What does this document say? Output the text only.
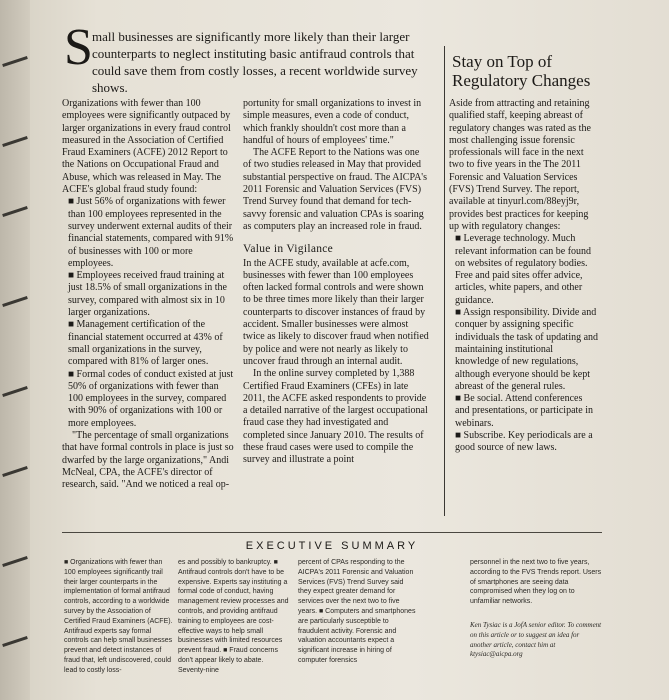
S mall businesses are significantly more likely than their larger counterparts to neglect instituting basic antifraud controls that could save them from costly losses, a recent worldwide survey shows.

Organizations with fewer than 100 employees were significantly outpaced by larger organizations in every fraud control measured in the Association of Certified Fraud Examiners (ACFE) 2012 Report to the Nations on Occupational Fraud and Abuse, which was released in May. The ACFE's global fraud study found:

■ Just 56% of organizations with fewer than 100 employees represented in the survey underwent external audits of their financial statements, compared with 91% of businesses with 100 or more employees.

■ Employees received fraud training at just 18.5% of small organizations in the survey, compared with almost six in 10 larger organizations.

■ Management certification of the financial statement occurred at 43% of small organizations in the survey, compared with 81% of larger ones.

■ Formal codes of conduct existed at just 50% of organizations with fewer than 100 employees in the survey, compared with 90% of organizations with 100 or more employees.

"The percentage of small organizations that have formal controls in place is just so dwarfed by the large organizations," Andi McNeal, CPA, the ACFE's director of research, said. "And we noticed a real op-

portunity for small organizations to invest in simple measures, even a code of conduct, which frankly shouldn't cost more than a handful of hours of employees' time."

The ACFE Report to the Nations was one of two studies released in May that provided substantial perspective on fraud. The AICPA's 2011 Forensic and Valuation Services (FVS) Trend Survey found that demand for tech-savvy forensic and valuation CPAs is soaring as computers play an increased role in fraud.

Value in Vigilance

In the ACFE study, available at acfe.com, businesses with fewer than 100 employees often lacked formal controls and were shown to be three times more likely than their larger counterparts to discover instances of fraud by accident. Smaller businesses were almost twice as likely to discover fraud when notified by police and were not nearly as likely to uncover fraud through an internal audit.

In the online survey completed by 1,388 Certified Fraud Examiners (CFEs) in late 2011, the ACFE asked respondents to provide a detailed narrative of the largest occupational fraud case they had investigated and completed since January 2010. The results of these fraud cases were used to compile the survey and illustrate a point

Stay on Top of Regulatory Changes

Aside from attracting and retaining qualified staff, keeping abreast of regulatory changes was rated as the most challenging issue forensic professionals will face in the next two to five years in the The 2011 Forensic and Valuation Services (FVS) Trend Survey. The report, available at tinyurl.com/88eyj9r, provides best practices for keeping up with regulatory changes:

■ Leverage technology. Much relevant information can be found on websites of regulatory bodies. Free and paid sites offer advice, articles, white papers, and other guidance.

■ Assign responsibility. Divide and conquer by assigning specific individuals the task of updating and maintaining institutional knowledge of new regulations, although everyone should be kept abreast of the general rules.

■ Be social. Attend conferences and presentations, or participate in webinars.

■ Subscribe. Key periodicals are a good source of new laws.

EXECUTIVE SUMMARY
■ Organizations with fewer than 100 employees significantly trail their larger counterparts in the implementation of formal antifraud controls, according to a worldwide survey by the Association of Certified Fraud Examiners (ACFE). Antifraud experts say formal controls can help small businesses prevent and detect instances of fraud that, left undiscovered, could lead to costly loss-
es and possibly to bankruptcy. ■ Antifraud controls don't have to be expensive. Experts say instituting a formal code of conduct, having management review processes and controls, and providing antifraud training to employees are cost-effective ways to help small businesses with limited resources prevent fraud. ■ Fraud concerns don't appear likely to abate. Seventy-nine
percent of CPAs responding to the AICPA's 2011 Forensic and Valuation Services (FVS) Trend Survey said they expect greater demand for services over the next two to five years. ■ Computers and smartphones are particularly susceptible to fraudulent activity. Forensic and valuation accountants expect a significant increase in hiring of computer forensics

personnel in the next two to five years, according to the FVS Trends report. Users of smartphones are seeing data compromised when they log on to unfamiliar networks.

Ken Tysiac is a JofA senior editor. To comment on this article or to suggest an idea for another article, contact him at ktysiac@aicpa.org
